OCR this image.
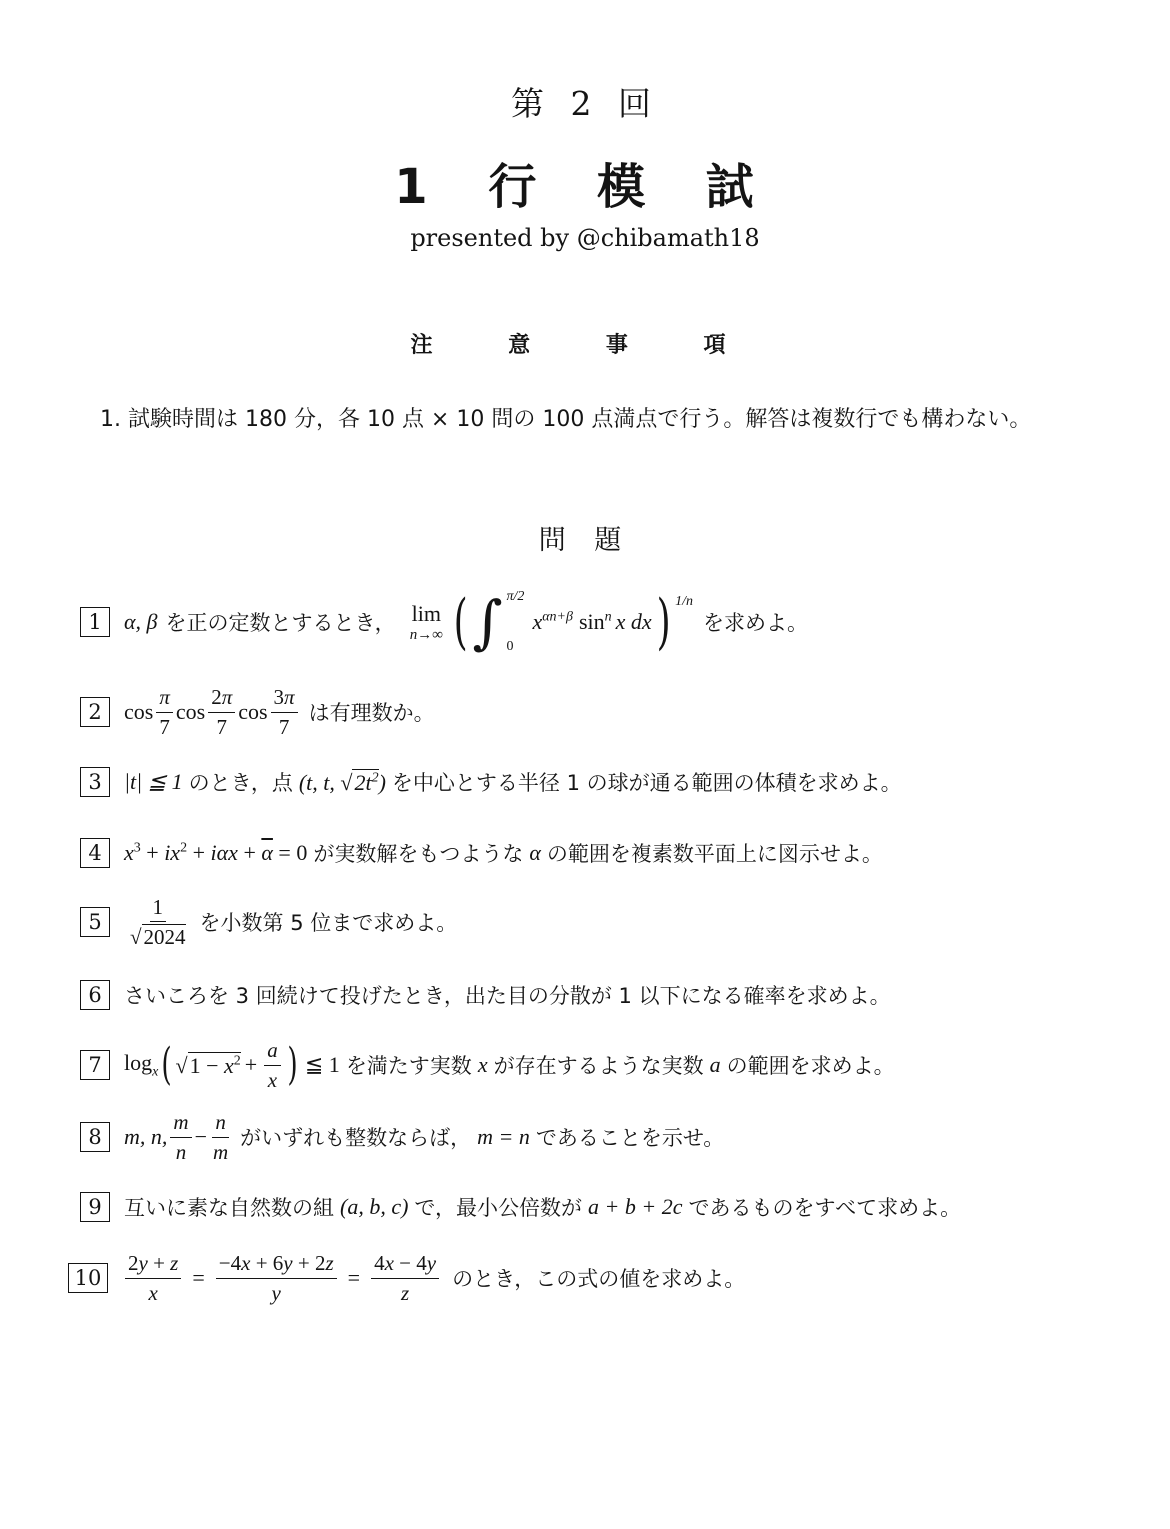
第 2 回
1 行 模 試
presented by @chibamath18
注 意 事 項
1. 試験時間は 180 分，各 10 点 × 10 問の 100 点満点で行う。解答は複数行でも構わない。
問 題
1	α, β を正の定数とするとき， lim
n→∞ ( ∫ π/2
0
$x^{\alpha n+\beta}$ $\sin^n x$ dx ) 1/n
を求めよ。
2	$\cos \frac{\pi}{7}$ $\cos \frac{2\pi}{7}$ $\cos \frac{3\pi}{7}$ は有理数か。
3	|t| ≦ 1 のとき，点 (t, t, √ $2t^2$ ) を中心とする半径 1 の球が通る範囲の体積を求めよ。
4	$x^3 + ix^2 + i\alpha x + \overline{\alpha} = 0$ が実数解をもつような α の範囲を複素数平面上に図示せよ。
5	$\frac{1}{√ 2024}$ を小数第 5 位まで求めよ。
6	さいころを 3 回続けて投げたとき，出た目の分散が 1 以下になる確率を求めよ。
7	$\log_x$ ( √ $1 - x^2 + \frac{a}{x}$ ) ≦ 1 を満たす実数 x が存在するような実数 a の範囲を求めよ。
8	m, n, $\frac{m}{n} - \frac{n}{m}$ がいずれも整数ならば， m = n であることを示せ。
9	互いに素な自然数の組 (a, b, c) で，最小公倍数が a + b + 2c であるものをすべて求めよ。
10	$\frac{2y + z}{x} = \frac{-4x + 6y + 2z}{y} = \frac{4x - 4y}{z}$ のとき，この式の値を求めよ。
